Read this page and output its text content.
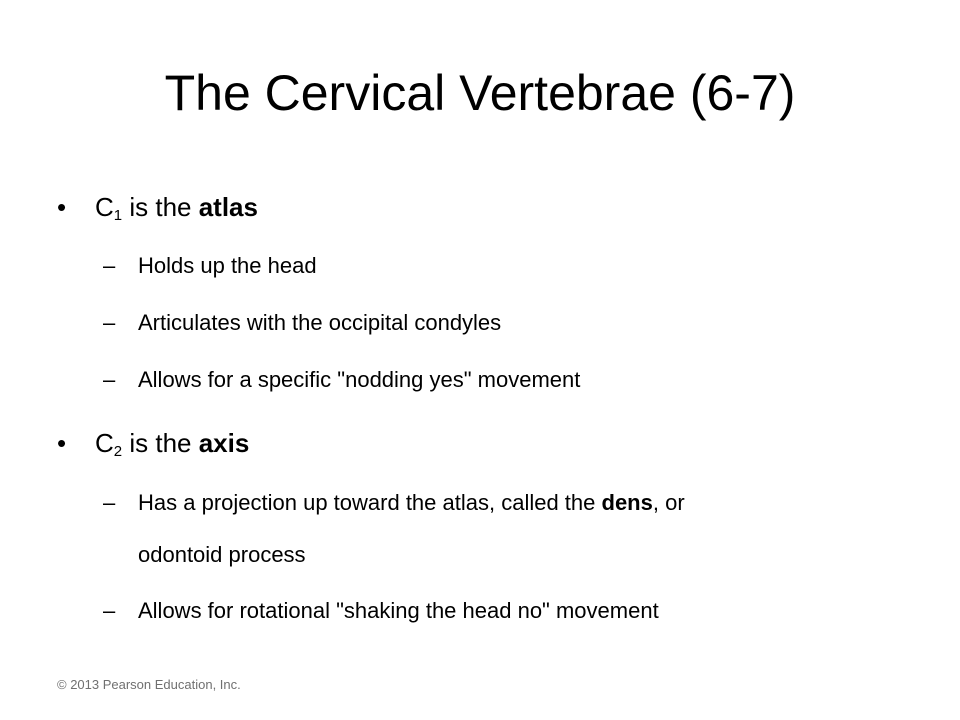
The Cervical Vertebrae (6-7)
• $C_1$ is the atlas
– Holds up the head
– Articulates with the occipital condyles
– Allows for a specific "nodding yes" movement
• $C_2$ is the axis
– Has a projection up toward the atlas, called the dens, or
odontoid process
– Allows for rotational "shaking the head no" movement
© 2013 Pearson Education, Inc.
